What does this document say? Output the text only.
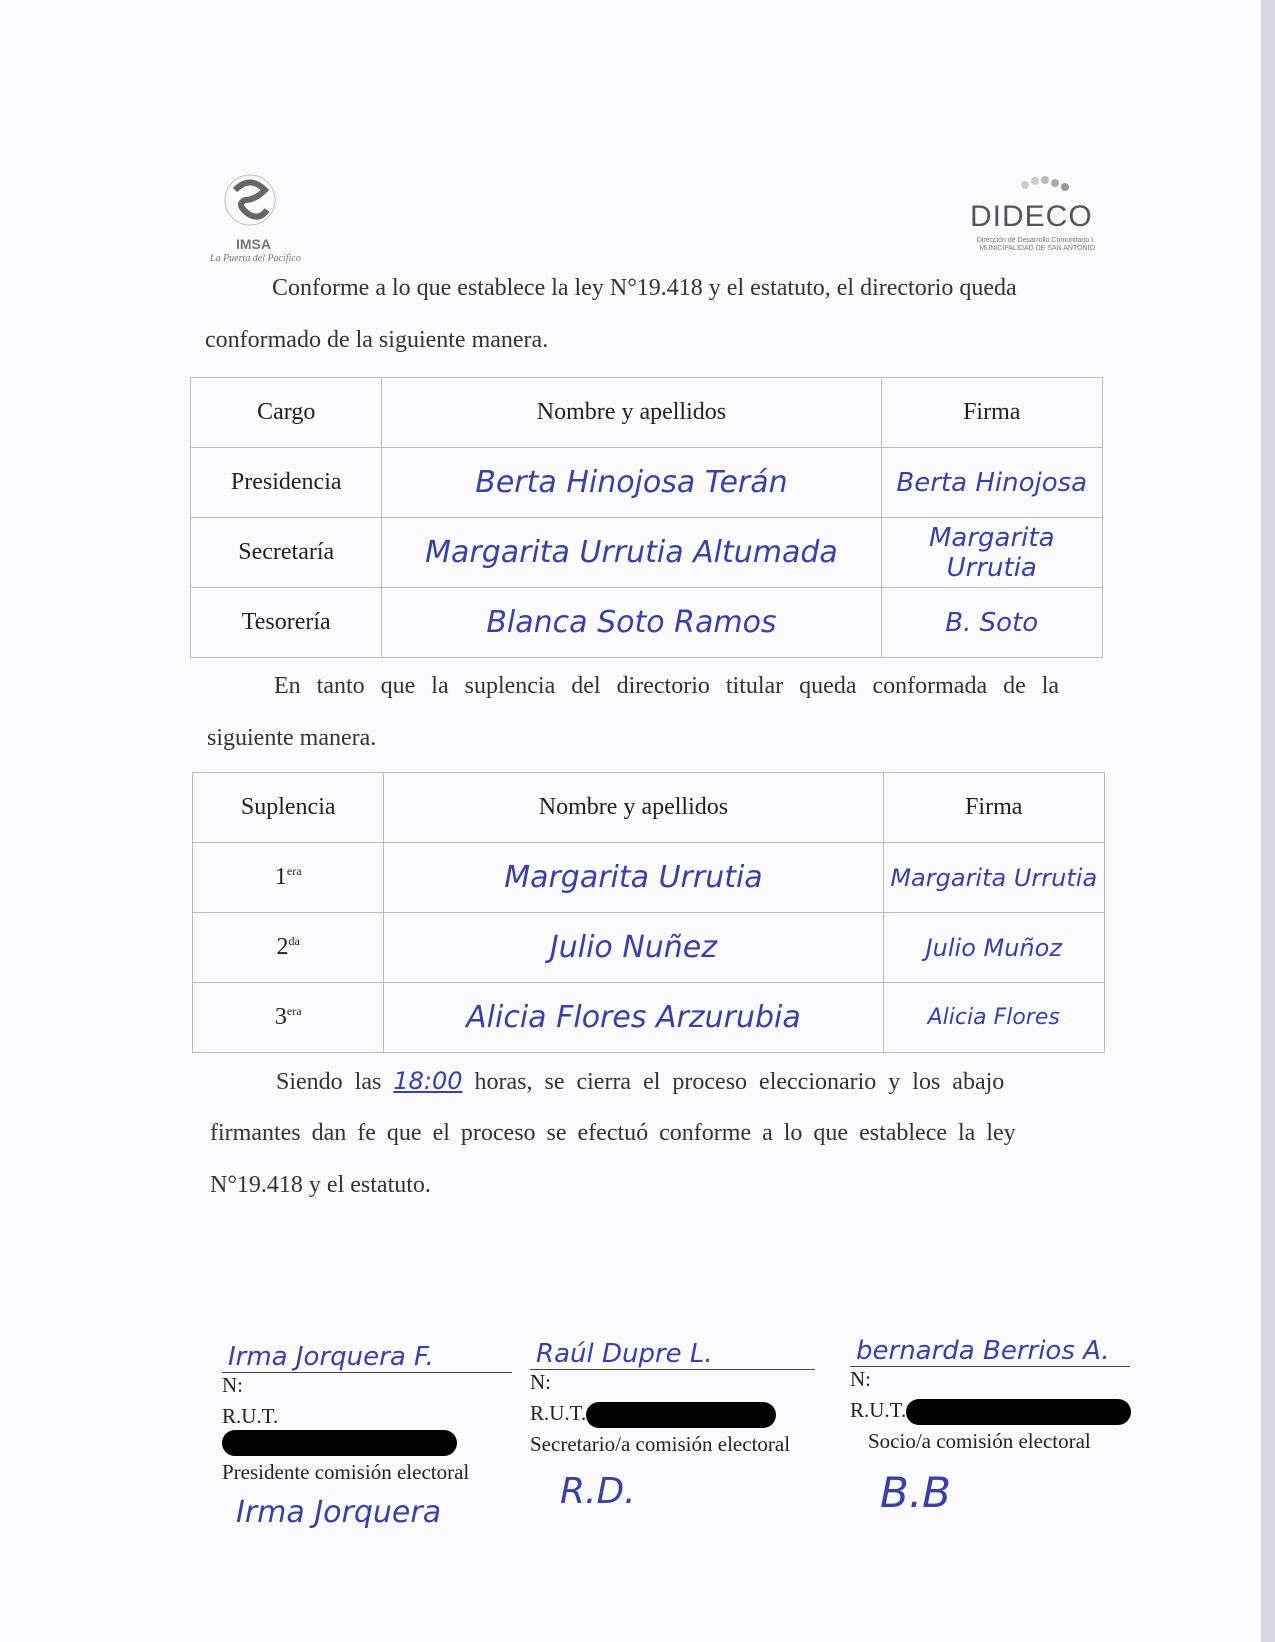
IMSA
La Puerta del Pacífico
DIDECO
Dirección de Desarrollo Comunitario I. MUNICIPALIDAD DE SAN ANTONIO
Conforme a lo que establece la ley N°19.418 y el estatuto, el directorio queda
conformado de la siguiente manera.
Cargo	Nombre y apellidos	Firma
Presidencia	Berta Hinojosa Terán	Berta Hinojosa
Secretaría	Margarita Urrutia Altumada	Margarita Urrutia
Tesorería	Blanca Soto Ramos	B. Soto
En tanto que la suplencia del directorio titular queda conformada de la
siguiente manera.
Suplencia	Nombre y apellidos	Firma
$1^{era}$	Margarita Urrutia	Margarita Urrutia
$2^{da}$	Julio Nuñez	Julio Muñoz
$3^{era}$	Alicia Flores Arzurubia	Alicia Flores
Siendo las 18:00 horas, se cierra el proceso eleccionario y los abajo
firmantes dan fe que el proceso se efectuó conforme a lo que establece la ley
N°19.418 y el estatuto.
Irma Jorquera F.
N:
R.U.T.
Presidente comisión electoral
Irma Jorquera
Raúl Dupre L.
N:
R.U.T.
Secretario/a comisión electoral
R.D.
bernarda Berrios A.
N:
R.U.T.
Socio/a comisión electoral
B.B
